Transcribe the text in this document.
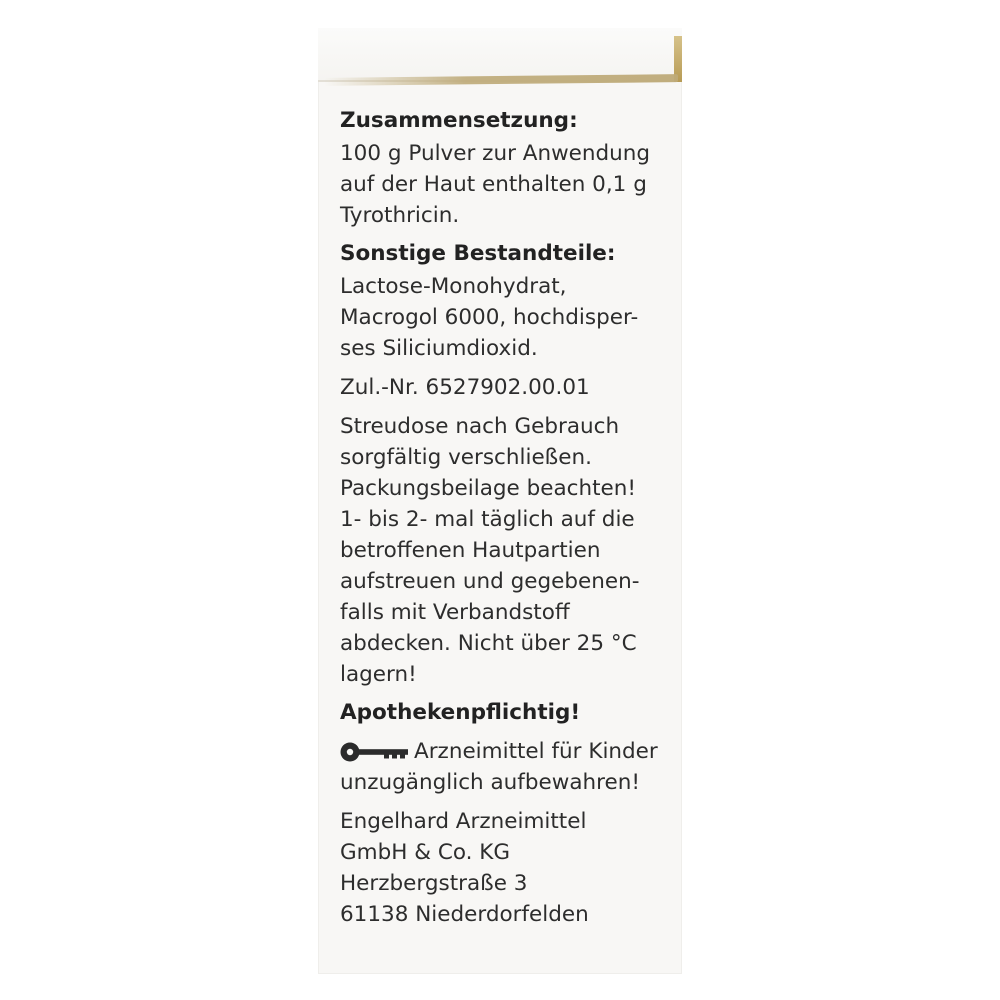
Zusammensetzung:
100 g Pulver zur Anwendung
auf der Haut enthalten 0,1 g
Tyrothricin.
Sonstige Bestandteile:
Lactose-Monohydrat,
Macrogol 6000, hochdisper-
ses Siliciumdioxid.
Zul.-Nr. 6527902.00.01
Streudose nach Gebrauch
sorgfältig verschließen.
Packungsbeilage beachten!
1- bis 2- mal täglich auf die
betroffenen Hautpartien
aufstreuen und gegebenen-
falls mit Verbandstoff
abdecken. Nicht über 25 °C
lagern!
Apothekenpflichtig!
Arzneimittel für Kinder
unzugänglich aufbewahren!
Engelhard Arzneimittel
GmbH & Co. KG
Herzbergstraße 3
61138 Niederdorfelden
